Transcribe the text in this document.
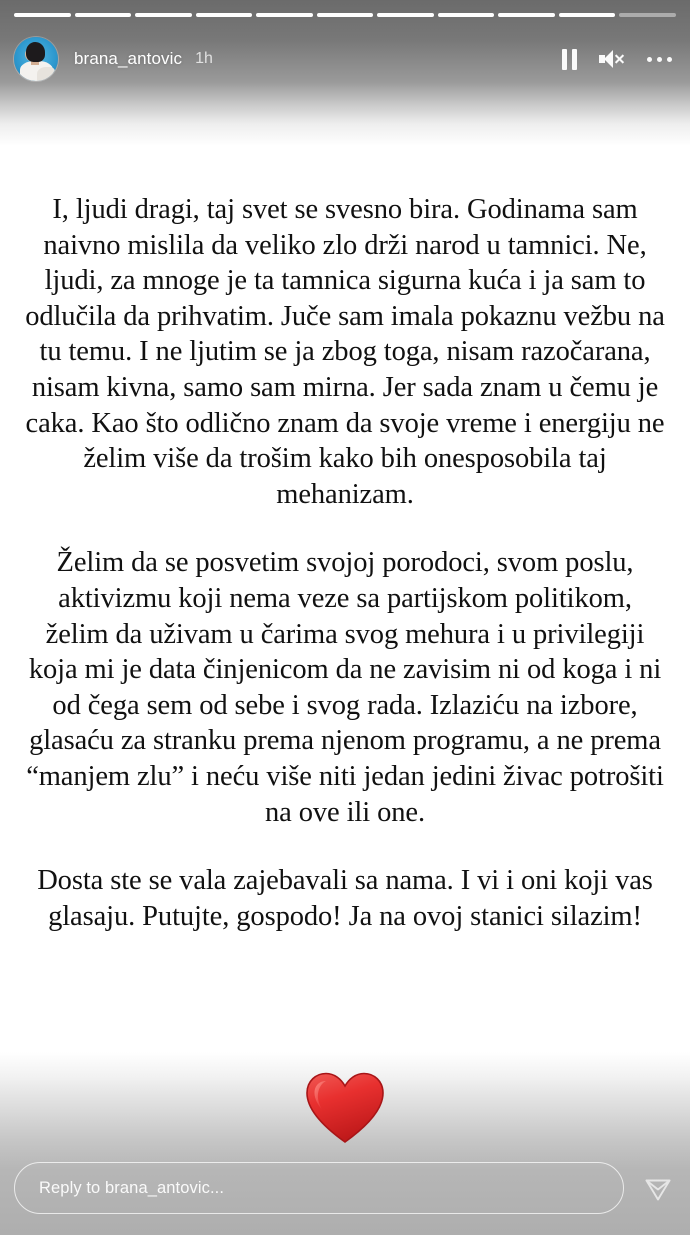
brana_antovic 1h

I, ljudi dragi, taj svet se svesno bira. Godinama sam naivno mislila da veliko zlo drži narod u tamnici. Ne, ljudi, za mnoge je ta tamnica sigurna kuća i ja sam to odlučila da prihvatim. Juče sam imala pokaznu vežbu na tu temu. I ne ljutim se ja zbog toga, nisam razočarana, nisam kivna, samo sam mirna. Jer sada znam u čemu je caka. Kao što odlično znam da svoje vreme i energiju ne želim više da trošim kako bih onesposobila taj mehanizam.

Želim da se posvetim svojoj porodoci, svom poslu, aktivizmu koji nema veze sa partijskom politikom, želim da uživam u čarima svog mehura i u privilegiji koja mi je data činjenicom da ne zavisim ni od koga i ni od čega sem od sebe i svog rada. Izlaziću na izbore, glasaću za stranku prema njenom programu, a ne prema “manjem zlu” i neću više niti jedan jedini živac potrošiti na ove ili one.

Dosta ste se vala zajebavali sa nama. I vi i oni koji vas glasaju. Putujte, gospodo! Ja na ovoj stanici silazim!

Reply to brana_antovic...
